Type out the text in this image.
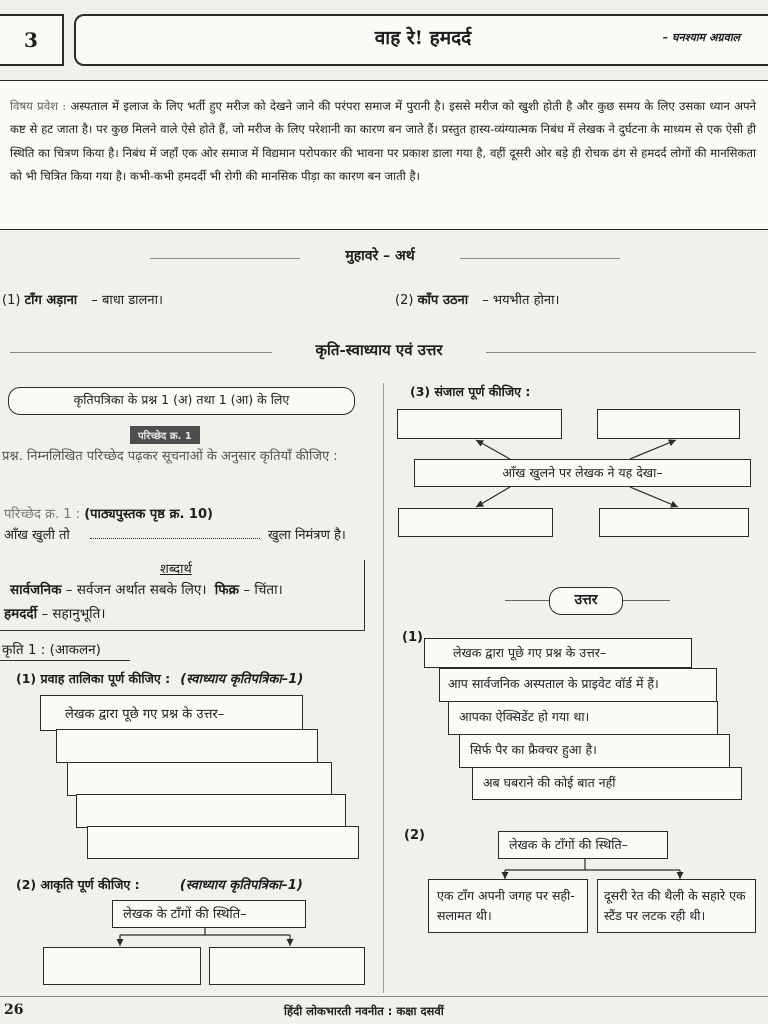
3	वाह रे! हमदर्द	– घनश्याम अग्रवाल
विषय प्रवेश : अस्पताल में इलाज के लिए भर्ती हुए मरीज को देखने जाने की परंपरा समाज में पुरानी है। इससे मरीज को खुशी होती है और कुछ समय के लिए उसका ध्यान अपने कष्ट से हट जाता है। पर कुछ मिलने वाले ऐसे होते हैं, जो मरीज के लिए परेशानी का कारण बन जाते हैं। प्रस्तुत हास्य-व्यंग्यात्मक निबंध में लेखक ने दुर्घटना के माध्यम से एक ऐसी ही स्थिति का चित्रण किया है। निबंध में जहाँ एक ओर समाज में विद्यमान परोपकार की भावना पर प्रकाश डाला गया है, वहीं दूसरी ओर बड़े ही रोचक ढंग से हमदर्द लोगों की मानसिकता को भी चित्रित किया गया है। कभी-कभी हमदर्दी भी रोगी की मानसिक पीड़ा का कारण बन जाती है।
मुहावरे – अर्थ
(1) टाँग अड़ाना – बाधा डालना।	(2) काँप उठना – भयभीत होना।
कृति-स्वाध्याय एवं उत्तर
कृतिपत्रिका के प्रश्न 1 (अ) तथा 1 (आ) के लिए
परिच्छेद क्र. 1
प्रश्न. निम्नलिखित परिच्छेद पढ़कर सूचनाओं के अनुसार कृतियाँ कीजिए :
परिच्छेद क्र. 1 : (पाठ्यपुस्तक पृष्ठ क्र. 10)
आँख खुली तो	खुला निमंत्रण है।
शब्दार्थ
सार्वजनिक – सर्वजन अर्थात सबके लिए। फिक्र – चिंता।
हमदर्दी – सहानुभूति।
कृति 1 : (आकलन)
(1) प्रवाह तालिका पूर्ण कीजिए : (स्वाध्याय कृतिपत्रिका–1)
लेखक द्वारा पूछे गए प्रश्न के उत्तर–
(2) आकृति पूर्ण कीजिए :	(स्वाध्याय कृतिपत्रिका–1)
लेखक के टाँगों की स्थिति–
(3) संजाल पूर्ण कीजिए :
आँख खुलने पर लेखक ने यह देखा–
उत्तर
(1)
लेखक द्वारा पूछे गए प्रश्न के उत्तर–
आप सार्वजनिक अस्पताल के प्राइवेट वॉर्ड में हैं।
आपका ऐक्सिडेंट हो गया था।
सिर्फ पैर का फ्रैक्चर हुआ है।
अब घबराने की कोई बात नहीं
(2)
लेखक के टाँगों की स्थिति–
एक टाँग अपनी जगह पर सही-सलामत थी।
दूसरी रेत की थैली के सहारे एक स्टैंड पर लटक रही थी।
26	हिंदी लोकभारती नवनीत : कक्षा दसवीं
